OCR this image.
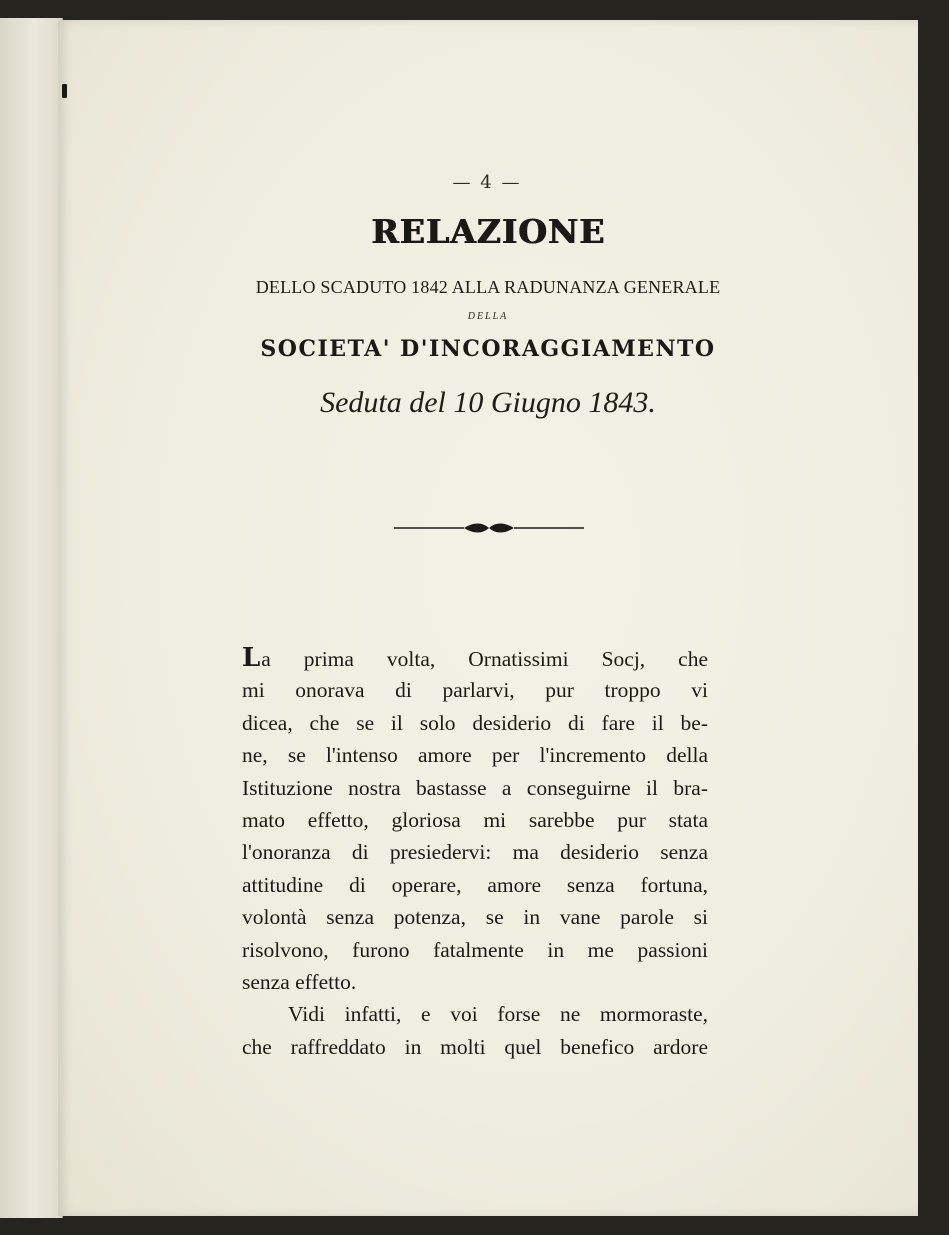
— 4 —
RELAZIONE
DELLO SCADUTO 1842 ALLA RADUNANZA GENERALE
DELLA
SOCIETA' D'INCORAGGIAMENTO
Seduta del 10 Giugno 1843.
La prima volta, Ornatissimi Socj, che
mi onorava di parlarvi, pur troppo vi
dicea, che se il solo desiderio di fare il be-
ne, se l'intenso amore per l'incremento della
Istituzione nostra bastasse a conseguirne il bra-
mato effetto, gloriosa mi sarebbe pur stata
l'onoranza di presiedervi: ma desiderio senza
attitudine di operare, amore senza fortuna,
volontà senza potenza, se in vane parole si
risolvono, furono fatalmente in me passioni
senza effetto.
Vidi infatti, e voi forse ne mormoraste,
che raffreddato in molti quel benefico ardore
